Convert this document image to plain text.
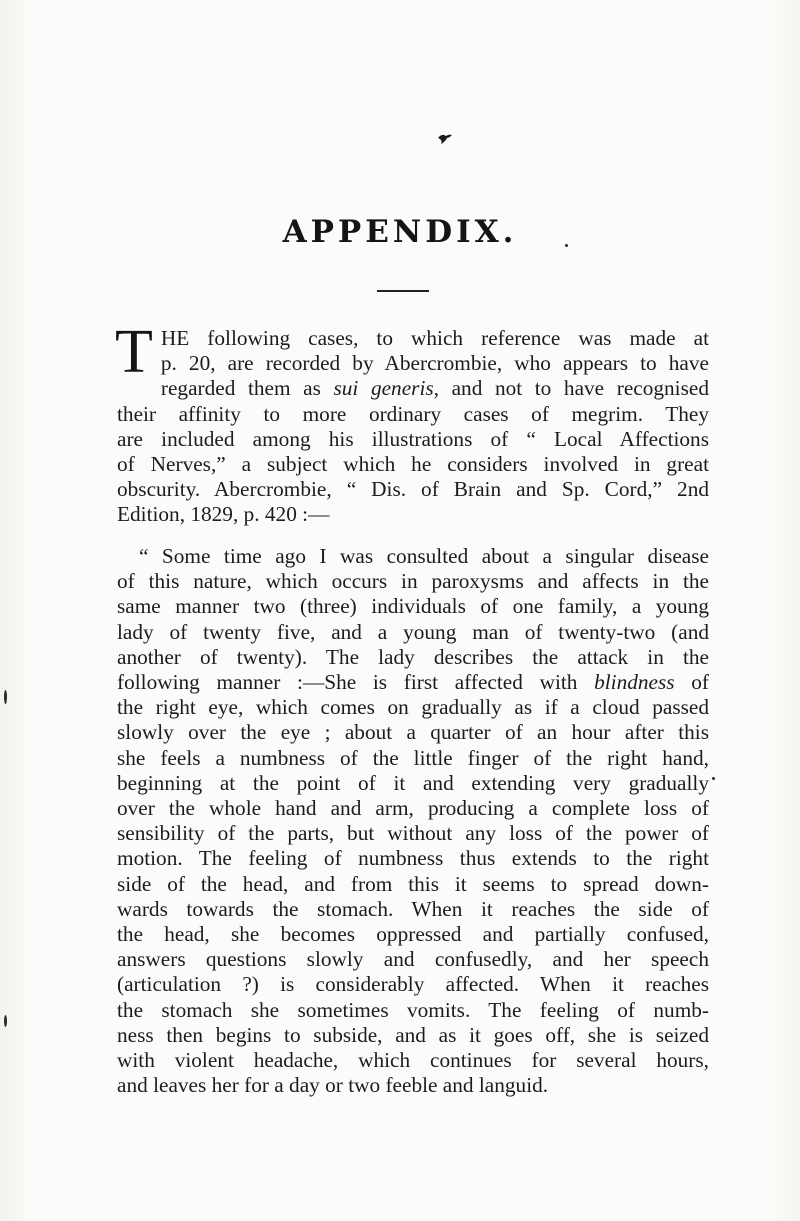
APPENDIX.
T HE following cases, to which reference was made at
p. 20, are recorded by Abercrombie, who appears to have
regarded them as sui generis, and not to have recognised
their affinity to more ordinary cases of megrim. They
are included among his illustrations of “ Local Affections
of Nerves,” a subject which he considers involved in great
obscurity. Abercrombie, “ Dis. of Brain and Sp. Cord,” 2nd
Edition, 1829, p. 420 :—
“ Some time ago I was consulted about a singular disease
of this nature, which occurs in paroxysms and affects in the
same manner two (three) individuals of one family, a young
lady of twenty five, and a young man of twenty-two (and
another of twenty). The lady describes the attack in the
following manner :—She is first affected with blindness of
the right eye, which comes on gradually as if a cloud passed
slowly over the eye ; about a quarter of an hour after this
she feels a numbness of the little finger of the right hand,
beginning at the point of it and extending very gradually
over the whole hand and arm, producing a complete loss of
sensibility of the parts, but without any loss of the power of
motion. The feeling of numbness thus extends to the right
side of the head, and from this it seems to spread down-
wards towards the stomach. When it reaches the side of
the head, she becomes oppressed and partially confused,
answers questions slowly and confusedly, and her speech
(articulation ?) is considerably affected. When it reaches
the stomach she sometimes vomits. The feeling of numb-
ness then begins to subside, and as it goes off, she is seized
with violent headache, which continues for several hours,
and leaves her for a day or two feeble and languid.
